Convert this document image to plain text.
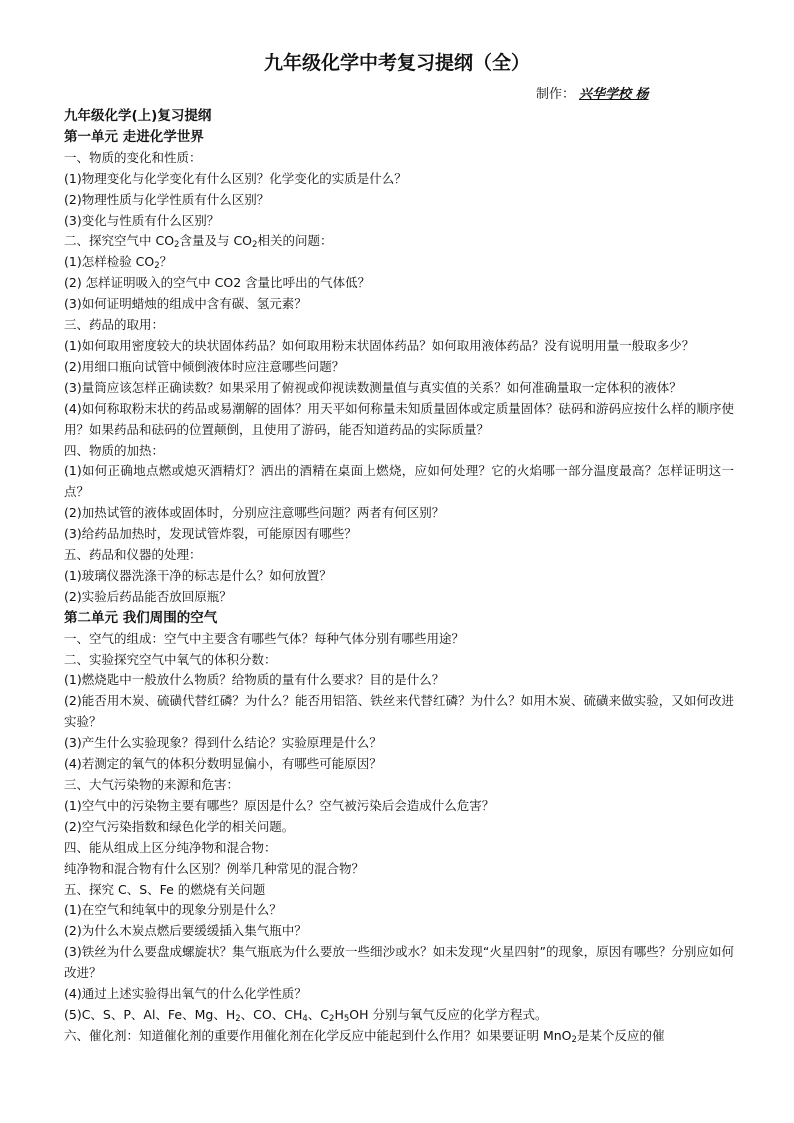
九年级化学中考复习提纲（全）
制作： 兴华学校 杨

九年级化学(上)复习提纲

第一单元 走进化学世界

一、物质的变化和性质：

(1)物理变化与化学变化有什么区别？化学变化的实质是什么？

(2)物理性质与化学性质有什么区别？

(3)变化与性质有什么区别？

二、探究空气中 $CO_2$含量及与 $CO_2$相关的问题：

(1)怎样检验 $CO_2$？

(2) 怎样证明吸入的空气中 CO2 含量比呼出的气体低？

(3)如何证明蜡烛的组成中含有碳、氢元素？

三、药品的取用：

(1)如何取用密度较大的块状固体药品？如何取用粉末状固体药品？如何取用液体药品？没有说明用量一般取多少？

(2)用细口瓶向试管中倾倒液体时应注意哪些问题？

(3)量筒应该怎样正确读数？如果采用了俯视或仰视读数测量值与真实值的关系？如何准确量取一定体积的液体？

(4)如何称取粉末状的药品或易潮解的固体？用天平如何称量未知质量固体或定质量固体？砝码和游码应按什么样的顺序使用？如果药品和砝码的位置颠倒，且使用了游码，能否知道药品的实际质量？

四、物质的加热：

(1)如何正确地点燃或熄灭酒精灯？洒出的酒精在桌面上燃烧，应如何处理？它的火焰哪一部分温度最高？怎样证明这一点？

(2)加热试管的液体或固体时，分别应注意哪些问题？两者有何区别？

(3)给药品加热时，发现试管炸裂，可能原因有哪些？

五、药品和仪器的处理：

(1)玻璃仪器洗涤干净的标志是什么？如何放置？

(2)实验后药品能否放回原瓶？

第二单元 我们周围的空气

一、空气的组成：空气中主要含有哪些气体？每种气体分别有哪些用途？

二、实验探究空气中氧气的体积分数：

(1)燃烧匙中一般放什么物质？给物质的量有什么要求？目的是什么？

(2)能否用木炭、硫磺代替红磷？为什么？能否用铝箔、铁丝来代替红磷？为什么？如用木炭、硫磺来做实验，又如何改进实验？

(3)产生什么实验现象？得到什么结论？实验原理是什么？

(4)若测定的氧气的体积分数明显偏小，有哪些可能原因？

三、大气污染物的来源和危害：

(1)空气中的污染物主要有哪些？原因是什么？空气被污染后会造成什么危害？

(2)空气污染指数和绿色化学的相关问题。

四、能从组成上区分纯净物和混合物：

纯净物和混合物有什么区别？例举几种常见的混合物？

五、探究 C、S、Fe 的燃烧有关问题

(1)在空气和纯氧中的现象分别是什么？

(2)为什么木炭点燃后要缓缓插入集气瓶中？

(3)铁丝为什么要盘成螺旋状？集气瓶底为什么要放一些细沙或水？如未发现“火星四射”的现象，原因有哪些？分别应如何改进？

(4)通过上述实验得出氧气的什么化学性质？

(5)C、S、P、Al、Fe、Mg、$H_2$、CO、$CH_4$、$C_2H_5OH$ 分别与氧气反应的化学方程式。

六、催化剂：知道催化剂的重要作用催化剂在化学反应中能起到什么作用？如果要证明 MnO$_2$是某个反应的催
